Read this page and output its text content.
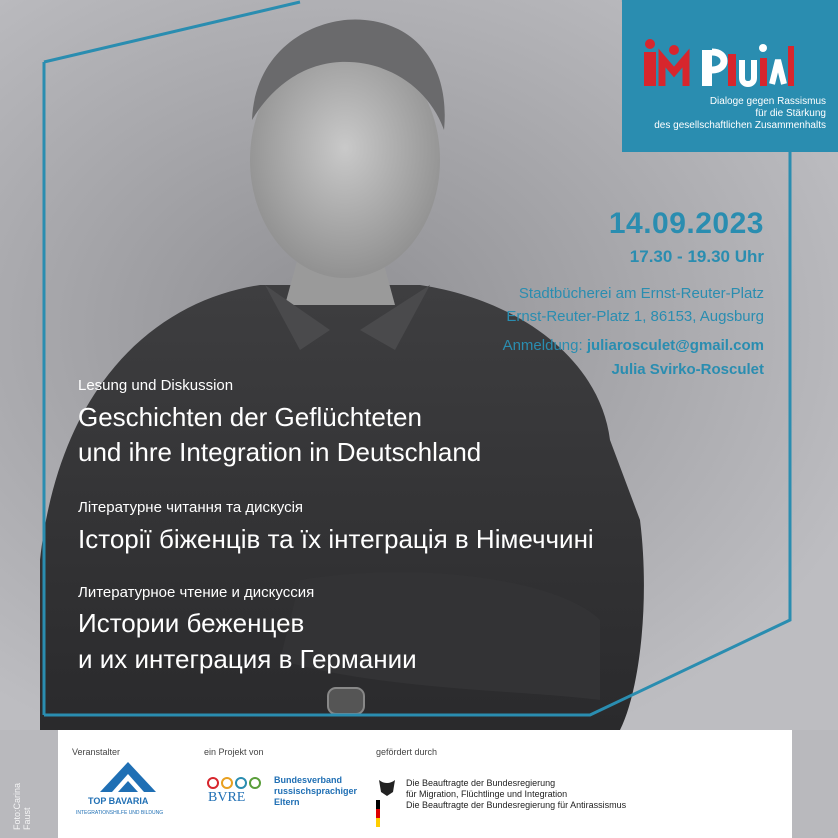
Dialoge gegen Rassismus
für die Stärkung
des gesellschaftlichen Zusammenhalts
14.09.2023
17.30 - 19.30 Uhr
Stadtbücherei am Ernst-Reuter-Platz
Ernst-Reuter-Platz 1, 86153, Augsburg
Anmeldung: juliarosculet@gmail.com
Julia Svirko-Rosculet
Lesung und Diskussion
Geschichten der Geflüchteten
und ihre Integration in Deutschland
Літературне читання та дискусія
Історії біженців та їх інтеграція в Німеччині
Литературное чтение и дискуссия
Истории беженцев
и их интеграция в Германии
Foto:Carina Faust
Veranstalter
TOP BAVARIA
INTEGRATIONSHILFE UND BILDUNG
ein Projekt von
BVRE
Bundesverband
russischsprachiger
Eltern
gefördert durch
Die Beauftragte der Bundesregierung
für Migration, Flüchtlinge und Integration
Die Beauftragte der Bundesregierung für Antirassismus
